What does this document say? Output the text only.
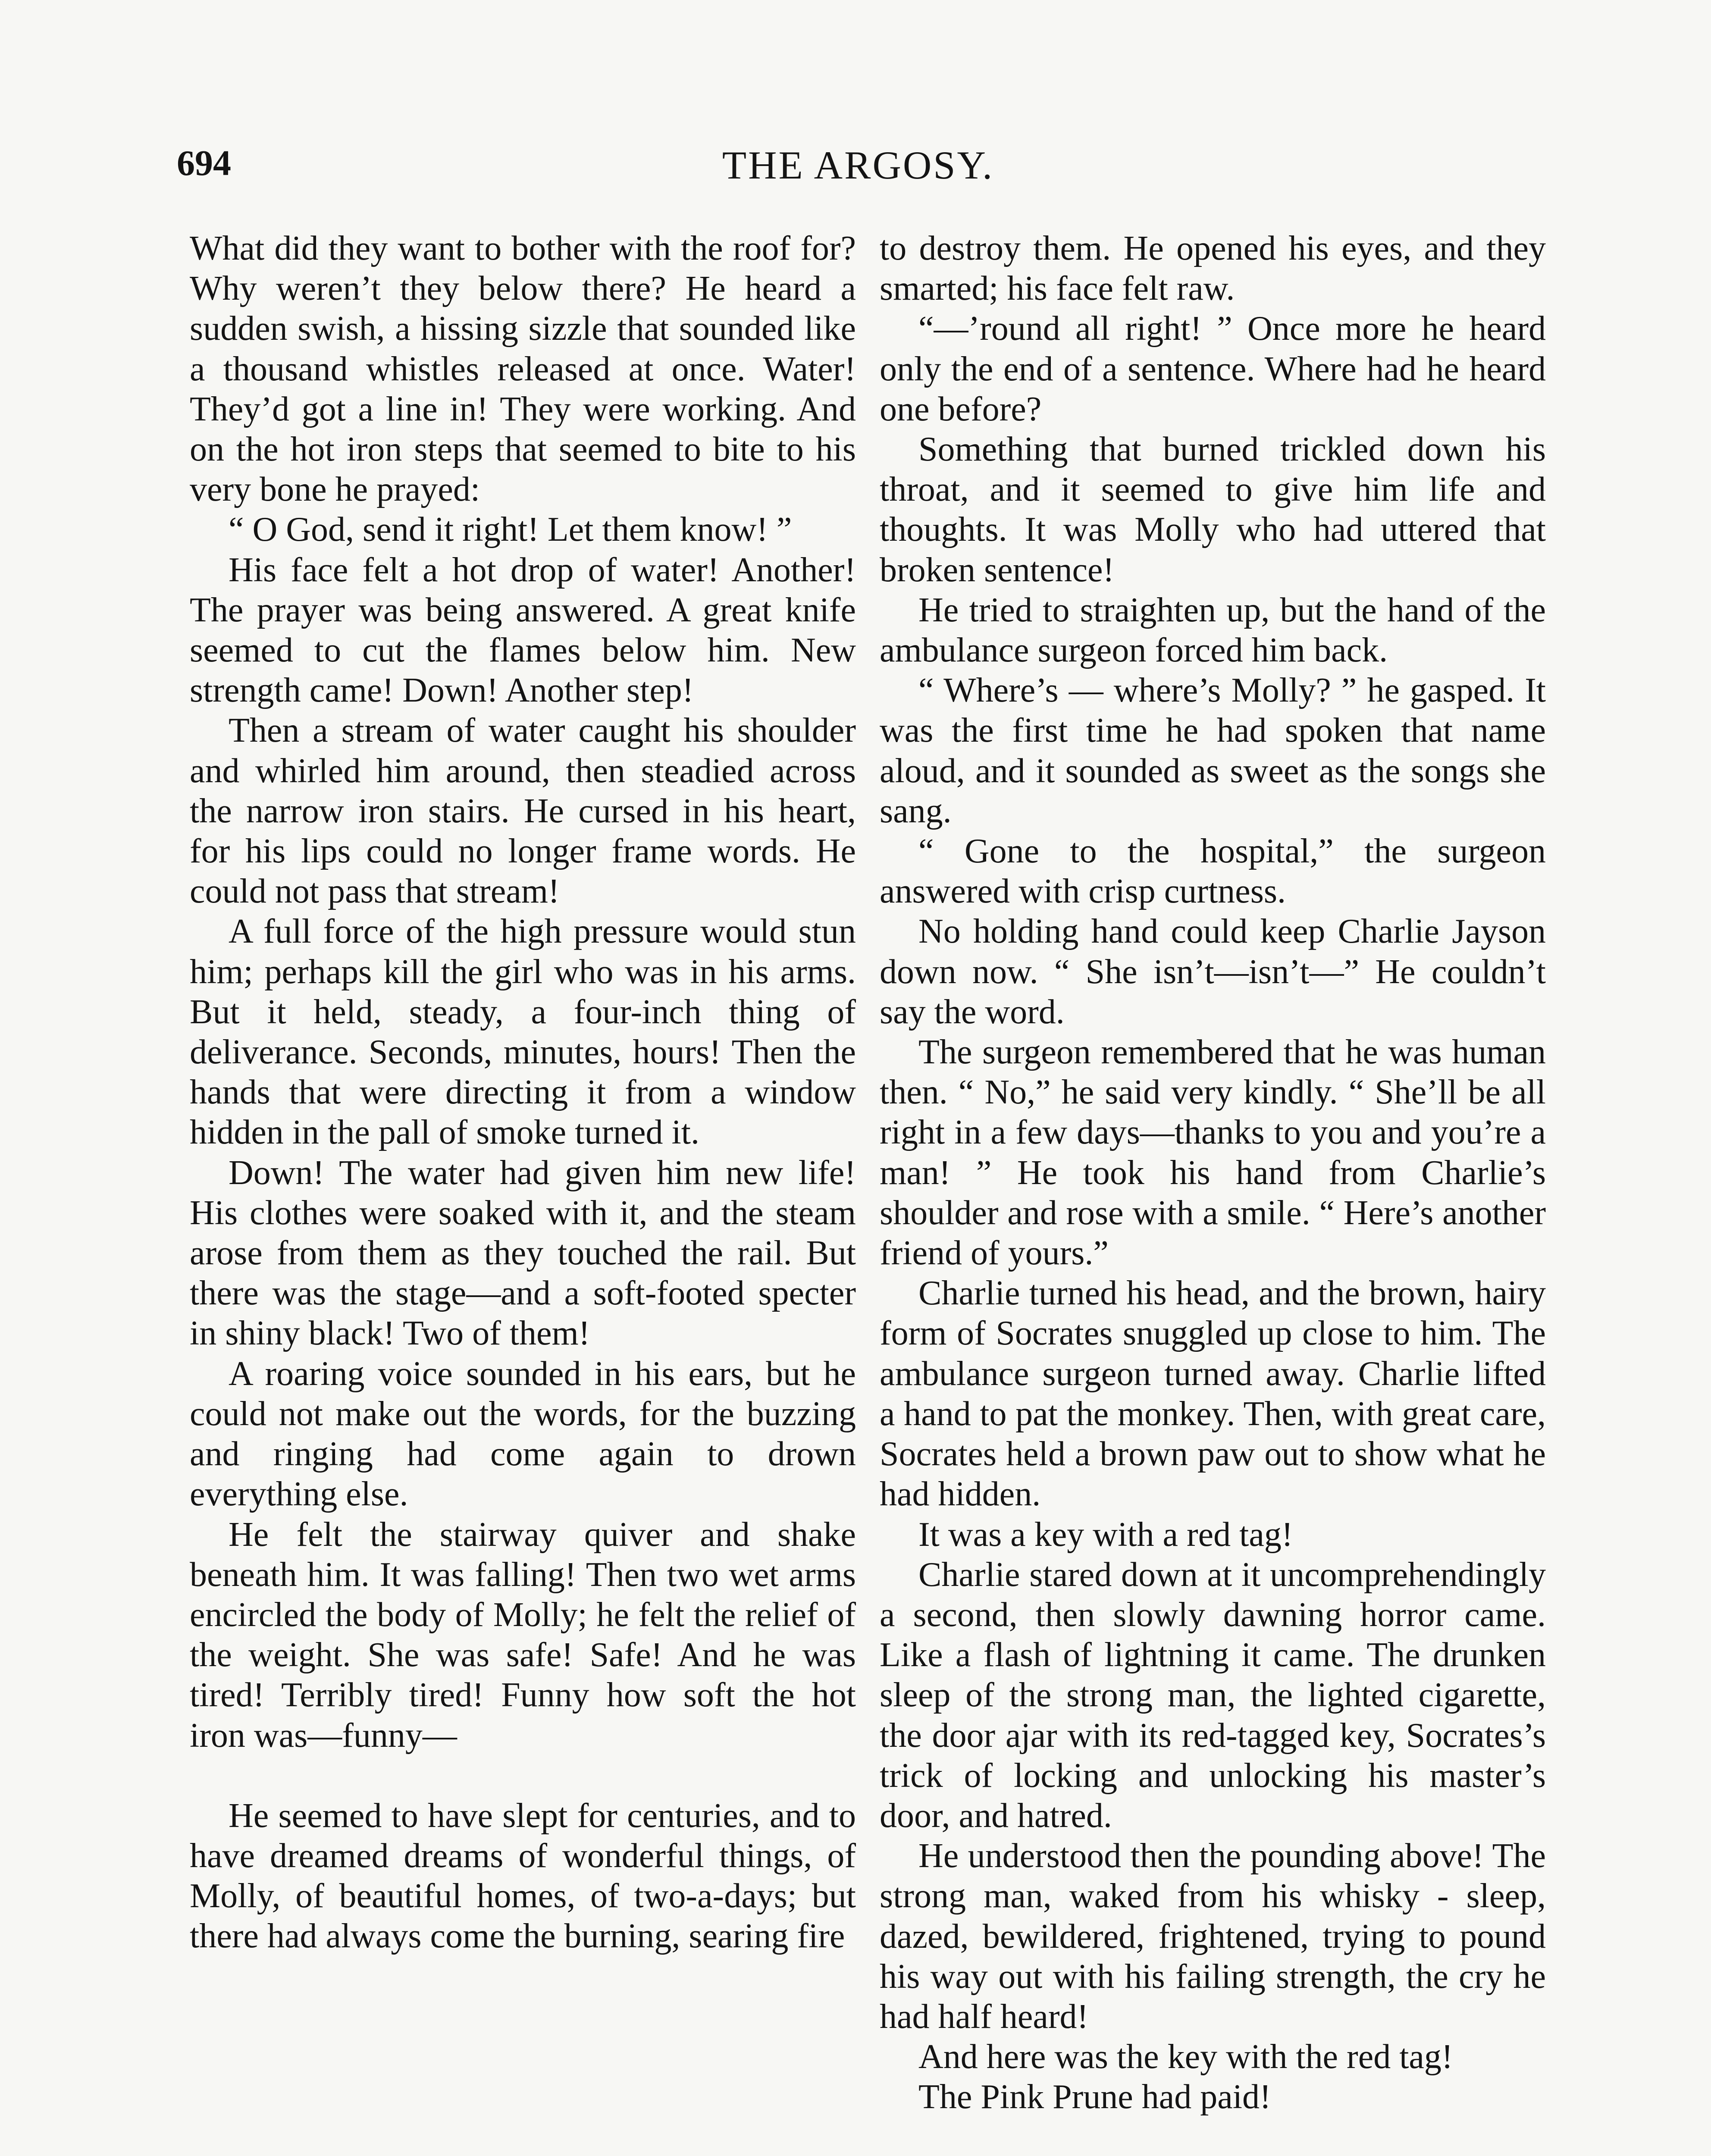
694	THE ARGOSY.

What did they want to bother with the roof for? Why weren’t they below there? He heard a sudden swish, a hissing sizzle that sounded like a thousand whistles released at once. Water! They’d got a line in! They were working. And on the hot iron steps that seemed to bite to his very bone he prayed:

“ O God, send it right! Let them know! ”

His face felt a hot drop of water! Another! The prayer was being answered. A great knife seemed to cut the flames below him. New strength came! Down! Another step!

Then a stream of water caught his shoulder and whirled him around, then steadied across the narrow iron stairs. He cursed in his heart, for his lips could no longer frame words. He could not pass that stream!

A full force of the high pressure would stun him; perhaps kill the girl who was in his arms. But it held, steady, a four-inch thing of deliverance. Seconds, minutes, hours! Then the hands that were directing it from a window hidden in the pall of smoke turned it.

Down! The water had given him new life! His clothes were soaked with it, and the steam arose from them as they touched the rail. But there was the stage—and a soft-footed specter in shiny black! Two of them!

A roaring voice sounded in his ears, but he could not make out the words, for the buzzing and ringing had come again to drown everything else.

He felt the stairway quiver and shake beneath him. It was falling! Then two wet arms encircled the body of Molly; he felt the relief of the weight. She was safe! Safe! And he was tired! Terribly tired! Funny how soft the hot iron was—funny—

He seemed to have slept for centuries, and to have dreamed dreams of wonderful things, of Molly, of beautiful homes, of two-a-days; but there had always come the burning, searing fire

to destroy them. He opened his eyes, and they smarted; his face felt raw.

“—’round all right! ” Once more he heard only the end of a sentence. Where had he heard one before?

Something that burned trickled down his throat, and it seemed to give him life and thoughts. It was Molly who had uttered that broken sentence!

He tried to straighten up, but the hand of the ambulance surgeon forced him back.

“ Where’s — where’s Molly? ” he gasped. It was the first time he had spoken that name aloud, and it sounded as sweet as the songs she sang.

“ Gone to the hospital,” the surgeon answered with crisp curtness.

No holding hand could keep Charlie Jayson down now. “ She isn’t—isn’t—” He couldn’t say the word.

The surgeon remembered that he was human then. “ No,” he said very kindly. “ She’ll be all right in a few days—thanks to you and you’re a man! ” He took his hand from Charlie’s shoulder and rose with a smile. “ Here’s another friend of yours.”

Charlie turned his head, and the brown, hairy form of Socrates snuggled up close to him. The ambulance surgeon turned away. Charlie lifted a hand to pat the monkey. Then, with great care, Socrates held a brown paw out to show what he had hidden.

It was a key with a red tag!

Charlie stared down at it uncomprehendingly a second, then slowly dawning horror came. Like a flash of lightning it came. The drunken sleep of the strong man, the lighted cigarette, the door ajar with its red-tagged key, Socrates’s trick of locking and unlocking his master’s door, and hatred.

He understood then the pounding above! The strong man, waked from his whisky - sleep, dazed, bewildered, frightened, trying to pound his way out with his failing strength, the cry he had half heard!

And here was the key with the red tag!

The Pink Prune had paid!
